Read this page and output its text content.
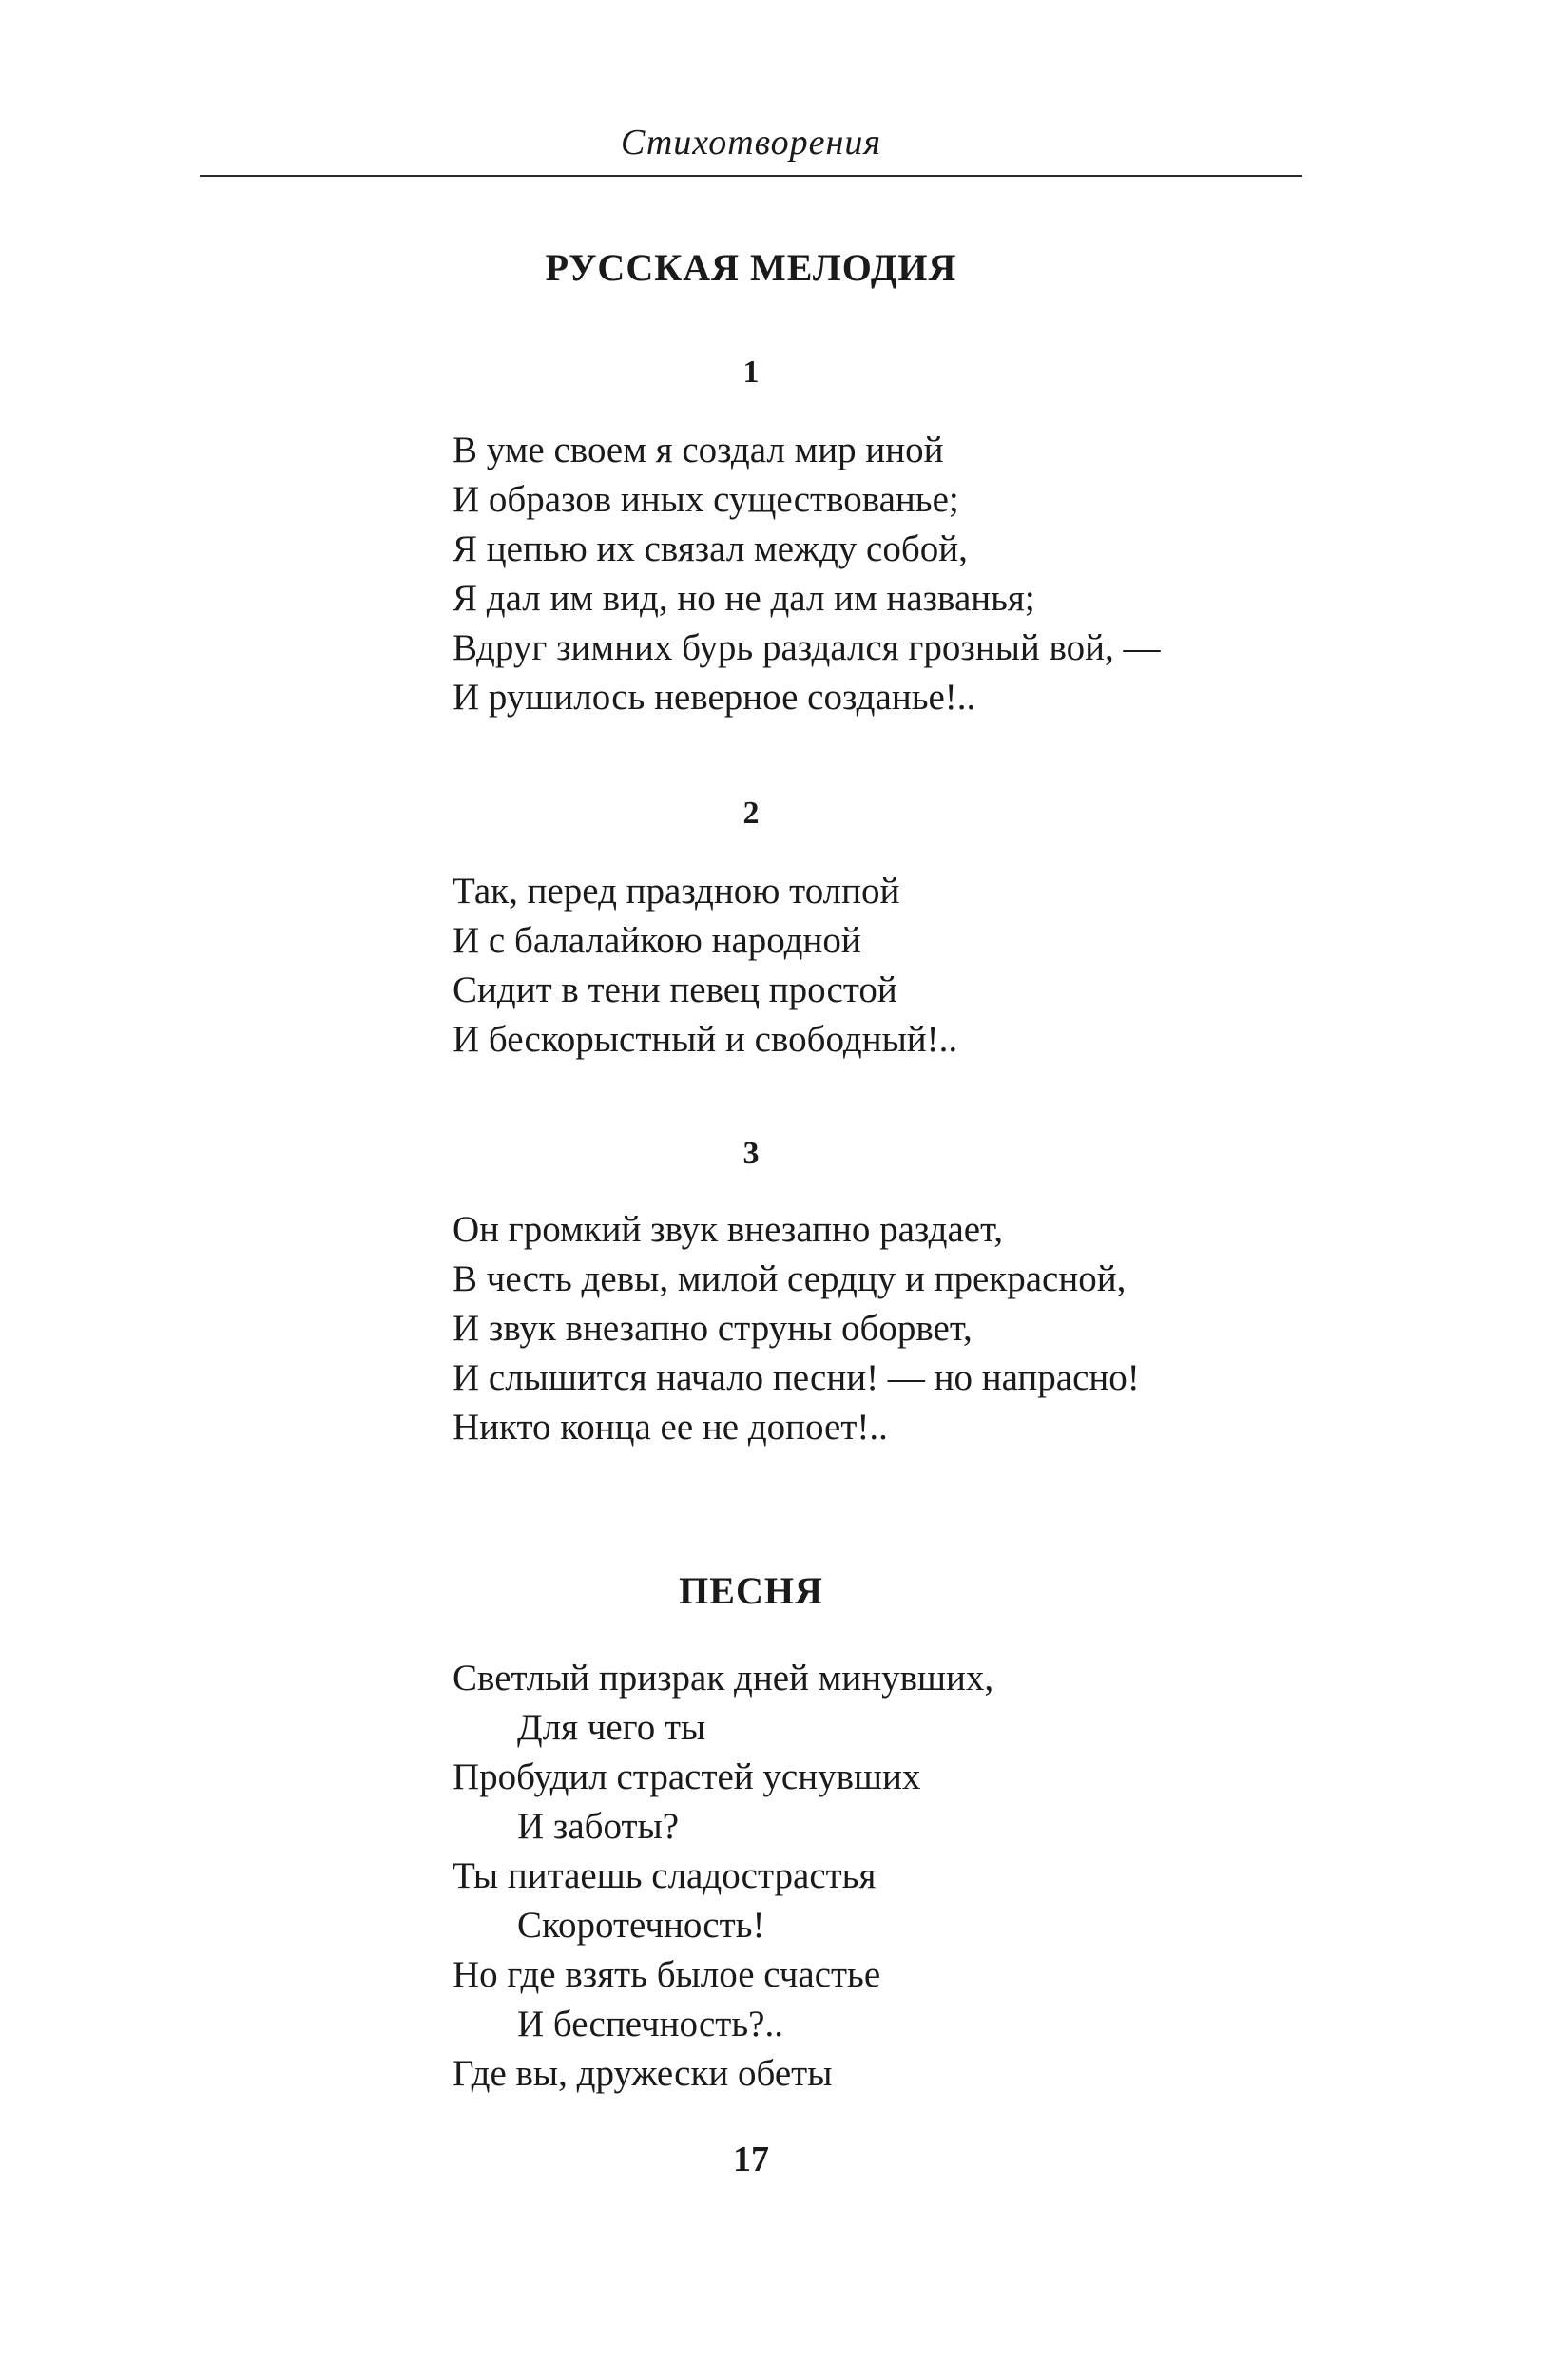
Стихотворения
РУССКАЯ МЕЛОДИЯ
1
В уме своем я создал мир иной
И образов иных существованье;
Я цепью их связал между собой,
Я дал им вид, но не дал им названья;
Вдруг зимних бурь раздался грозный вой, —
И рушилось неверное созданье!..
2
Так, перед праздною толпой
И с балалайкою народной
Сидит в тени певец простой
И бескорыстный и свободный!..
3
Он громкий звук внезапно раздает,
В честь девы, милой сердцу и прекрасной,
И звук внезапно струны оборвет,
И слышится начало песни! — но напрасно!
Никто конца ее не допоет!..
ПЕСНЯ
Светлый призрак дней минувших,
Для чего ты
Пробудил страстей уснувших
И заботы?
Ты питаешь сладострастья
Скоротечность!
Но где взять былое счастье
И беспечность?..
Где вы, дружески обеты
17
